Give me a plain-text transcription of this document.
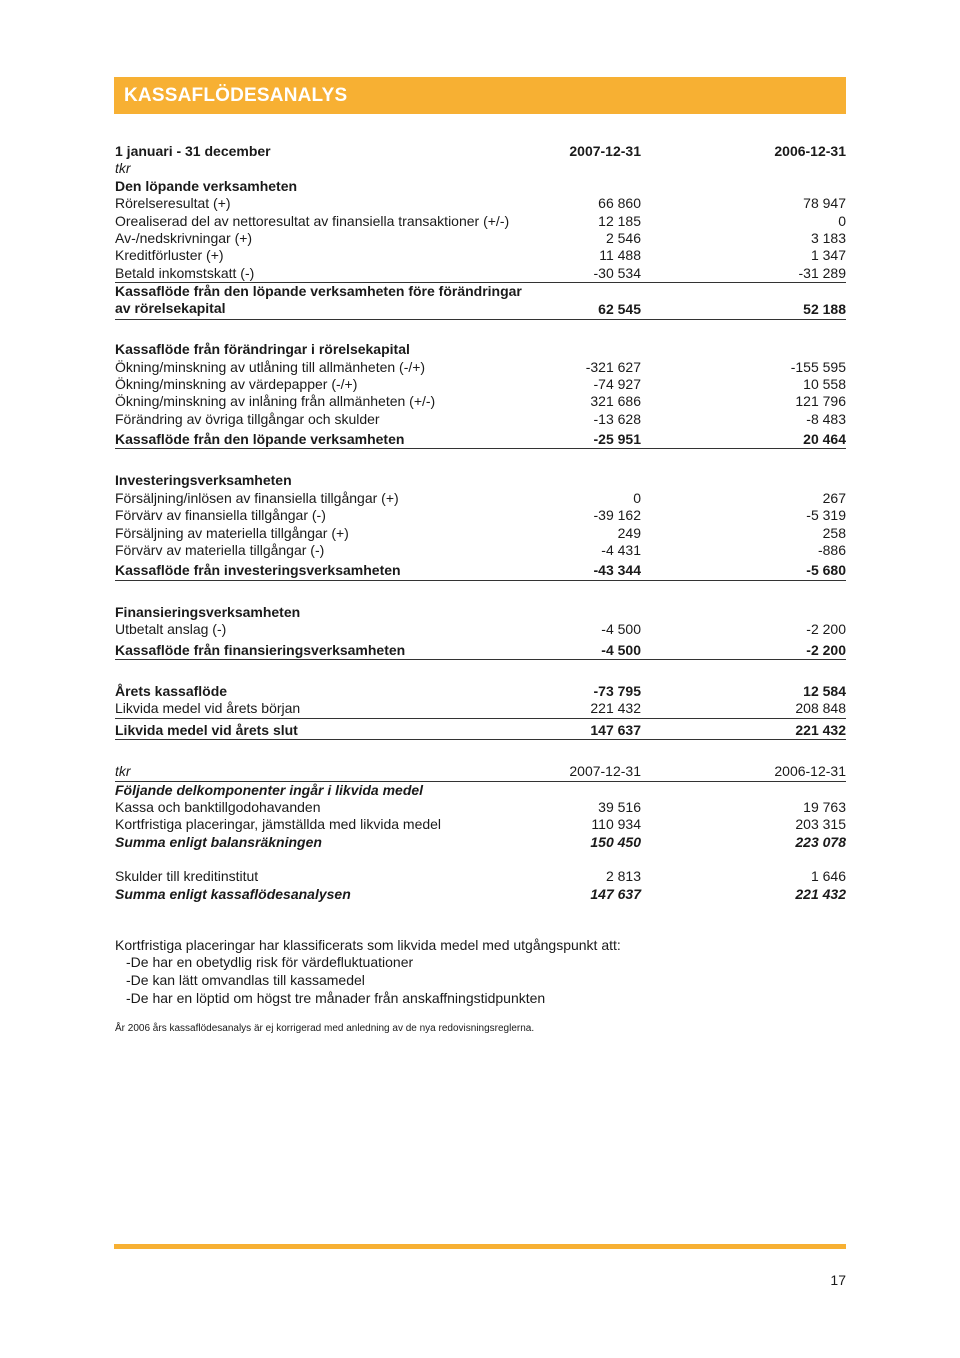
KASSAFLÖDESANALYS
1 januari - 31 december	2007-12-31	2006-12-31
tkr
Den löpande verksamheten
Rörelseresultat (+)	66 860	78 947
Orealiserad del av nettoresultat av finansiella transaktioner (+/-)	12 185	0
Av-/nedskrivningar (+)	2 546	3 183
Kreditförluster (+)	11 488	1 347
Betald inkomstskatt (-)	-30 534	-31 289
Kassaflöde från den löpande verksamheten före förändringar
av rörelsekapital	62 545	52 188
Kassaflöde från förändringar i rörelsekapital
Ökning/minskning av utlåning till allmänheten (-/+)	-321 627	-155 595
Ökning/minskning av värdepapper (-/+)	-74 927	10 558
Ökning/minskning av inlåning från allmänheten (+/-)	321 686	121 796
Förändring av övriga tillgångar och skulder	-13 628	-8 483
Kassaflöde från den löpande verksamheten	-25 951	20 464
Investeringsverksamheten
Försäljning/inlösen av finansiella tillgångar (+)	0	267
Förvärv av finansiella tillgångar (-)	-39 162	-5 319
Försäljning av materiella tillgångar (+)	249	258
Förvärv av materiella tillgångar (-)	-4 431	-886
Kassaflöde från investeringsverksamheten	-43 344	-5 680
Finansieringsverksamheten
Utbetalt anslag (-)	-4 500	-2 200
Kassaflöde från finansieringsverksamheten	-4 500	-2 200
Årets kassaflöde	-73 795	12 584
Likvida medel vid årets början	221 432	208 848
Likvida medel vid årets slut	147 637	221 432
tkr	2007-12-31	2006-12-31
Följande delkomponenter ingår i likvida medel
Kassa och banktillgodohavanden	39 516	19 763
Kortfristiga placeringar, jämställda med likvida medel	110 934	203 315
Summa enligt balansräkningen	150 450	223 078
Skulder till kreditinstitut	2 813	1 646
Summa enligt kassaflödesanalysen	147 637	221 432
Kortfristiga placeringar har klassificerats som likvida medel med utgångspunkt att:
-De har en obetydlig risk för värdefluktuationer
-De kan lätt omvandlas till kassamedel
-De har en löptid om högst tre månader från anskaffningstidpunkten
År 2006 års kassaflödesanalys är ej korrigerad med anledning av de nya redovisningsreglerna.
17
